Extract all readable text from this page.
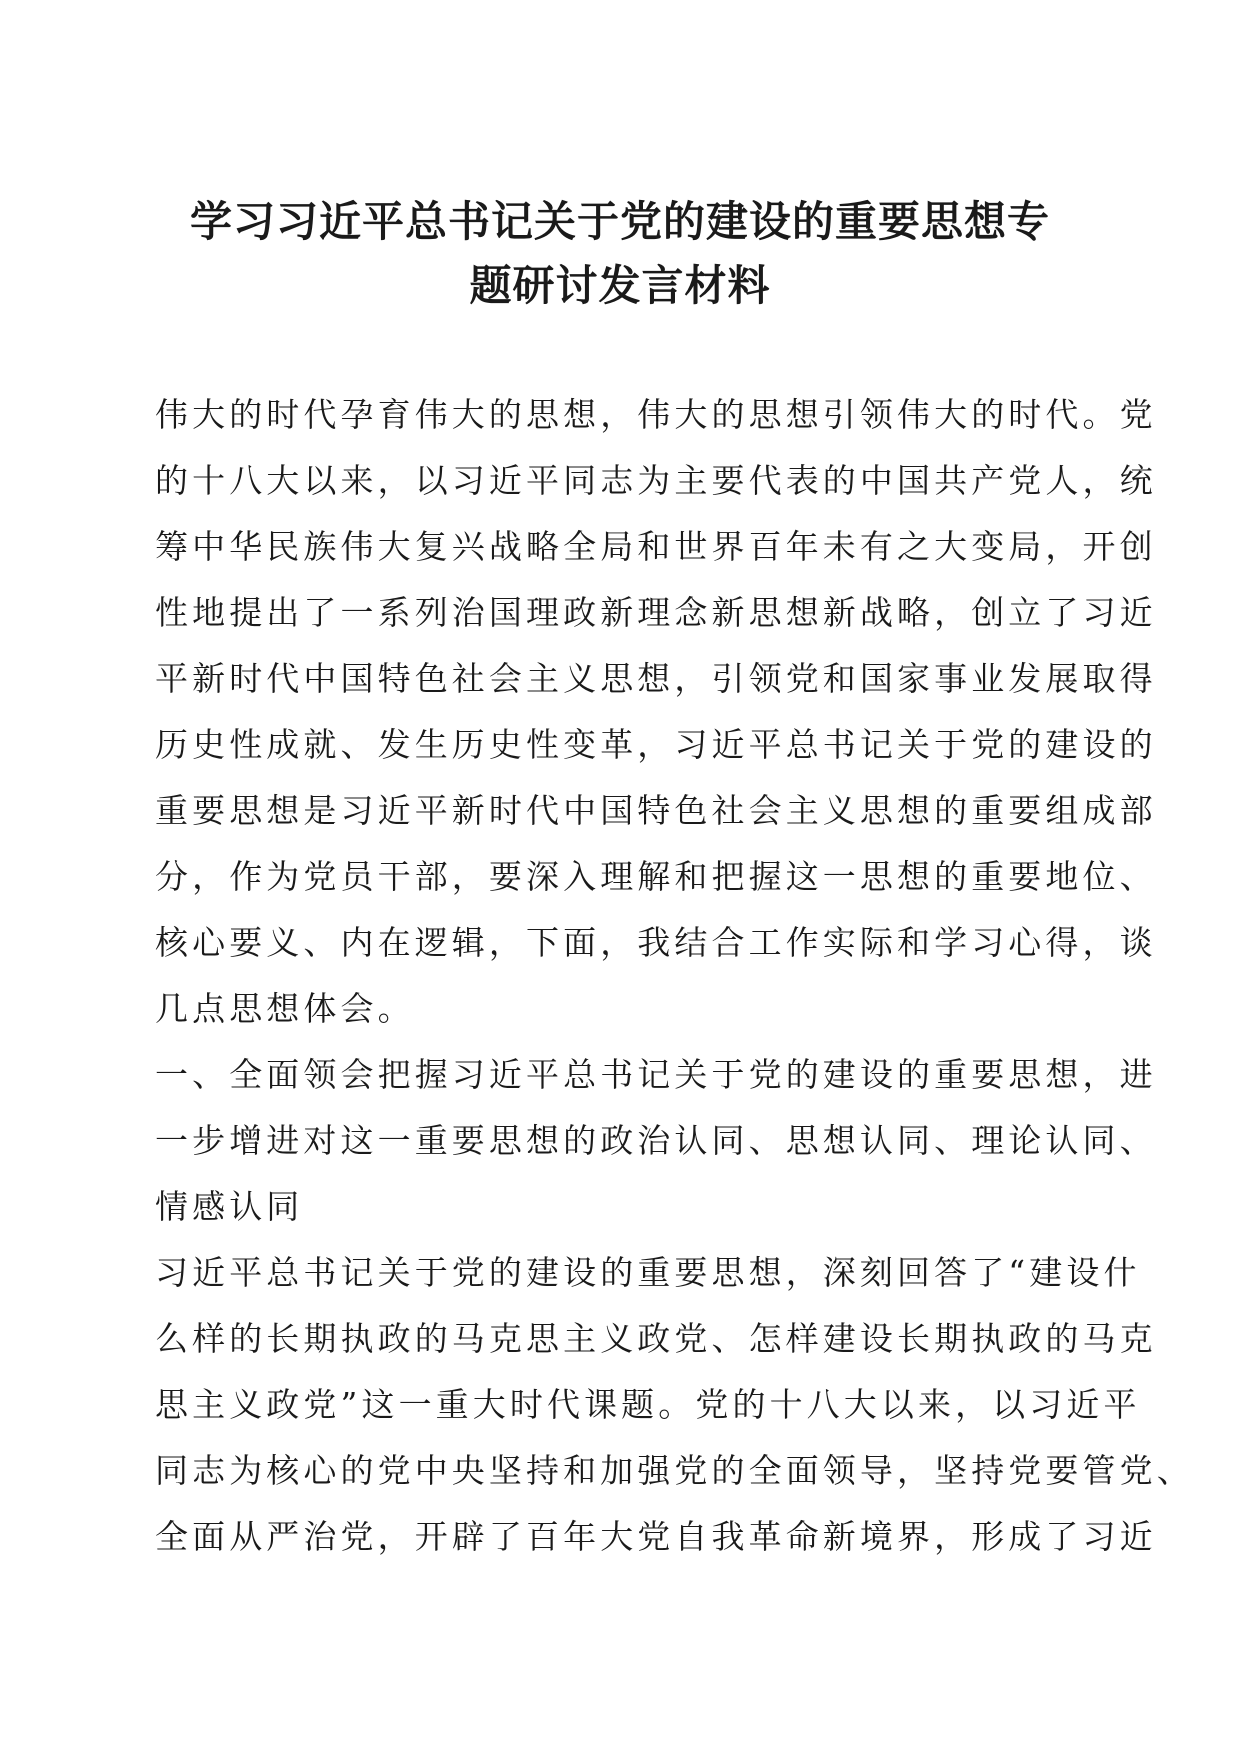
学习习近平总书记关于党的建设的重要思想专
题研讨发言材料
伟大的时代孕育伟大的思想，伟大的思想引领伟大的时代。党
的十八大以来，以习近平同志为主要代表的中国共产党人，统
筹中华民族伟大复兴战略全局和世界百年未有之大变局，开创
性地提出了一系列治国理政新理念新思想新战略，创立了习近
平新时代中国特色社会主义思想，引领党和国家事业发展取得
历史性成就、发生历史性变革，习近平总书记关于党的建设的
重要思想是习近平新时代中国特色社会主义思想的重要组成部
分，作为党员干部，要深入理解和把握这一思想的重要地位、
核心要义、内在逻辑，下面，我结合工作实际和学习心得，谈
几点思想体会。
一、全面领会把握习近平总书记关于党的建设的重要思想，进
一步增进对这一重要思想的政治认同、思想认同、理论认同、
情感认同
习近平总书记关于党的建设的重要思想，深刻回答了“建设什
么样的长期执政的马克思主义政党、怎样建设长期执政的马克
思主义政党”这一重大时代课题。党的十八大以来，以习近平
同志为核心的党中央坚持和加强党的全面领导，坚持党要管党、
全面从严治党，开辟了百年大党自我革命新境界，形成了习近
